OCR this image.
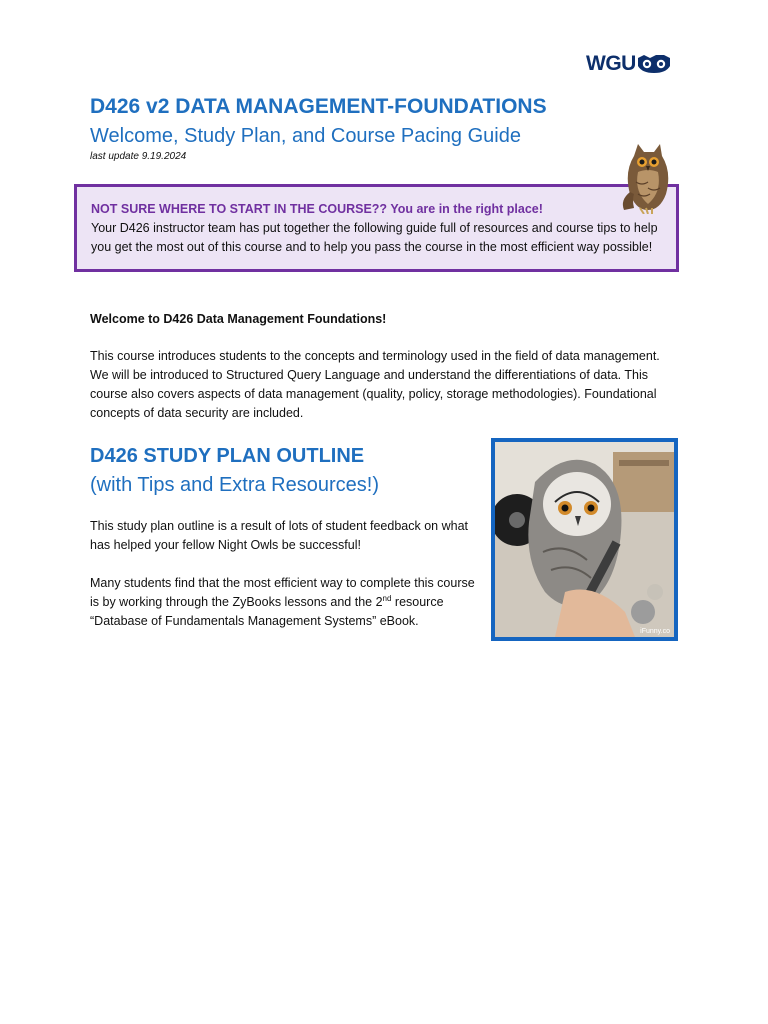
WGU
D426 v2 DATA MANAGEMENT-FOUNDATIONS
Welcome, Study Plan, and Course Pacing Guide
last update 9.19.2024
NOT SURE WHERE TO START IN THE COURSE?? You are in the right place!
Your D426 instructor team has put together the following guide full of resources and course tips to help you get the most out of this course and to help you pass the course in the most efficient way possible!
Welcome to D426 Data Management Foundations!

This course introduces students to the concepts and terminology used in the field of data management. We will be introduced to Structured Query Language and understand the differentiations of data. This course also covers aspects of data management (quality, policy, storage methodologies). Foundational concepts of data security are included.

D426 STUDY PLAN OUTLINE
(with Tips and Extra Resources!)

This study plan outline is a result of lots of student feedback on what has helped your fellow Night Owls be successful!

Many students find that the most efficient way to complete this course is by working through the ZyBooks lessons and the 2nd resource “Database of Fundamentals Management Systems” eBook.

iFunny.co
